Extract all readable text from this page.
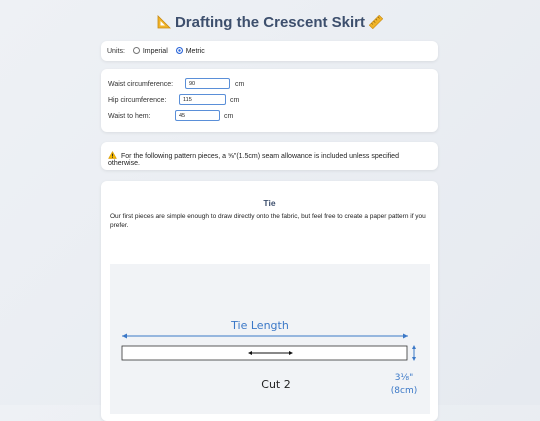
Drafting the Crescent Skirt
Units:	Imperial	Metric
Waist circumference:	90	cm
Hip circumference:	115	cm
Waist to hem:	45	cm
For the following pattern pieces, a ⅝"(1.5cm) seam allowance is included unless specified otherwise.
Tie

Our first pieces are simple enough to draw directly onto the fabric, but feel free to create a paper pattern if you prefer.

Tie Length
Cut 2	3⅛"
(8cm)
